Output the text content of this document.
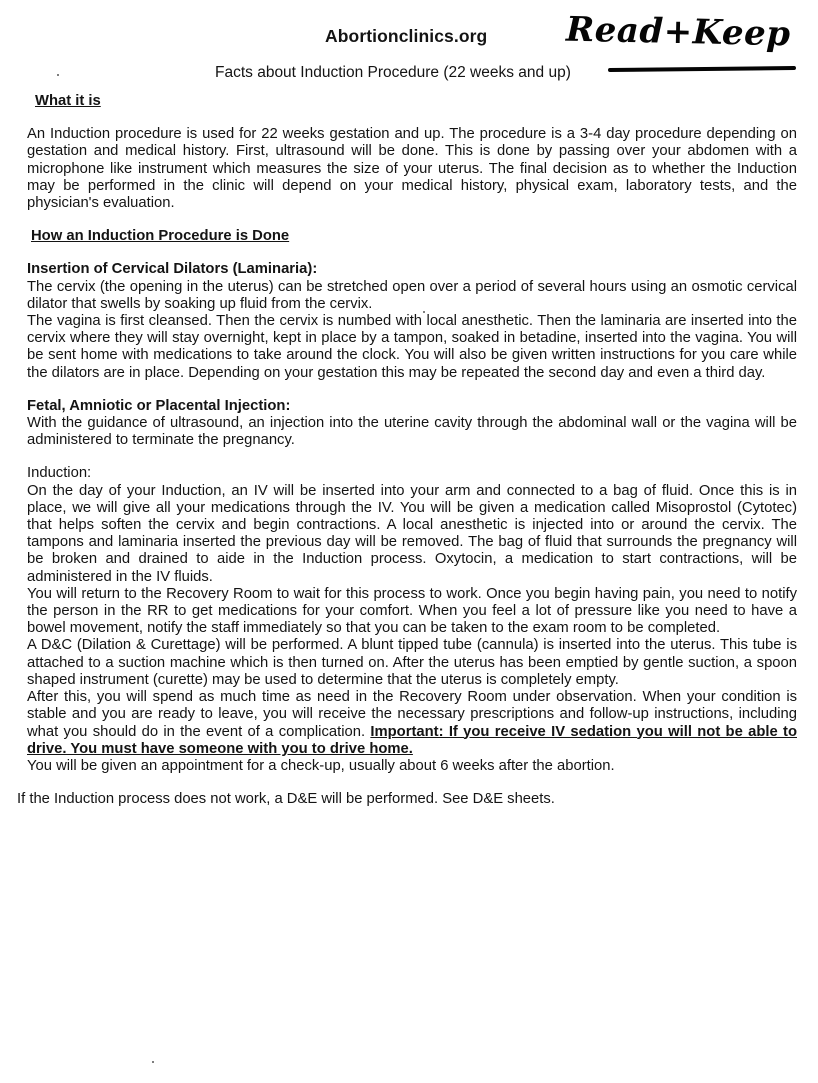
Abortionclinics.org Read+Keep
Facts about Induction Procedure (22 weeks and up)
What it is

An Induction procedure is used for 22 weeks gestation and up. The procedure is a 3-4 day procedure depending on gestation and medical history. First, ultrasound will be done. This is done by passing over your abdomen with a microphone like instrument which measures the size of your uterus. The final decision as to whether the Induction may be performed in the clinic will depend on your medical history, physical exam, laboratory tests, and the physician's evaluation.

How an Induction Procedure is Done
Insertion of Cervical Dilators (Laminaria):

The cervix (the opening in the uterus) can be stretched open over a period of several hours using an osmotic cervical dilator that swells by soaking up fluid from the cervix.

The vagina is first cleansed. Then the cervix is numbed with local anesthetic. Then the laminaria are inserted into the cervix where they will stay overnight, kept in place by a tampon, soaked in betadine, inserted into the vagina. You will be sent home with medications to take around the clock. You will also be given written instructions for you care while the dilators are in place. Depending on your gestation this may be repeated the second day and even a third day.

Fetal, Amniotic or Placental Injection:

With the guidance of ultrasound, an injection into the uterine cavity through the abdominal wall or the vagina will be administered to terminate the pregnancy.

Induction:

On the day of your Induction, an IV will be inserted into your arm and connected to a bag of fluid. Once this is in place, we will give all your medications through the IV. You will be given a medication called Misoprostol (Cytotec) that helps soften the cervix and begin contractions. A local anesthetic is injected into or around the cervix. The tampons and laminaria inserted the previous day will be removed. The bag of fluid that surrounds the pregnancy will be broken and drained to aide in the Induction process. Oxytocin, a medication to start contractions, will be administered in the IV fluids.

You will return to the Recovery Room to wait for this process to work. Once you begin having pain, you need to notify the person in the RR to get medications for your comfort. When you feel a lot of pressure like you need to have a bowel movement, notify the staff immediately so that you can be taken to the exam room to be completed.

A D&C (Dilation & Curettage) will be performed. A blunt tipped tube (cannula) is inserted into the uterus. This tube is attached to a suction machine which is then turned on. After the uterus has been emptied by gentle suction, a spoon shaped instrument (curette) may be used to determine that the uterus is completely empty.

After this, you will spend as much time as need in the Recovery Room under observation. When your condition is stable and you are ready to leave, you will receive the necessary prescriptions and follow-up instructions, including what you should do in the event of a complication. Important: If you receive IV sedation you will not be able to drive. You must have someone with you to drive home.

You will be given an appointment for a check-up, usually about 6 weeks after the abortion.

If the Induction process does not work, a D&E will be performed. See D&E sheets.
